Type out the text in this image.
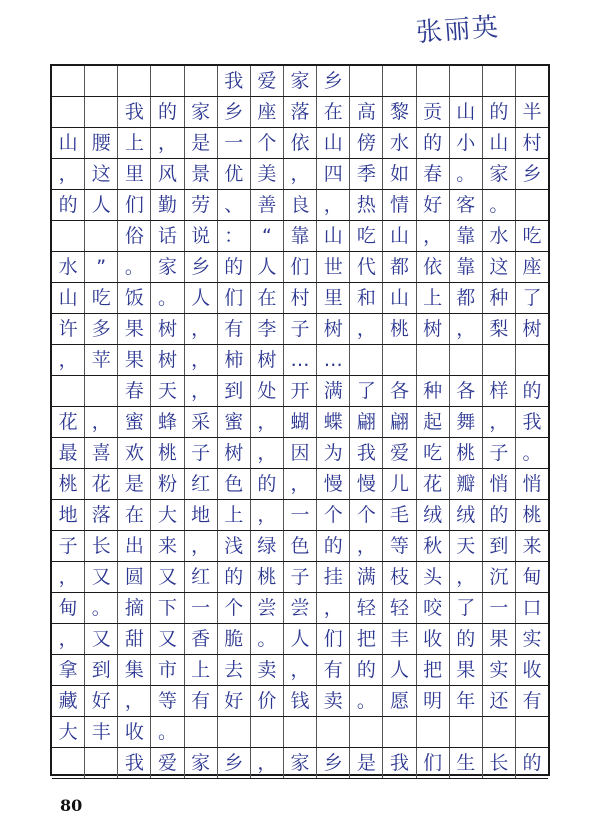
张丽英
我 爱 家 乡
我 的 家 乡 座 落 在 高 黎 贡 山 的 半
山 腰 上 ， 是 一 个 依 山 傍 水 的 小 山 村
， 这 里 风 景 优 美 ， 四 季 如 春 。 家 乡
的 人 们 勤 劳 、 善 良 ， 热 情 好 客 。
俗 话 说 ： “ 靠 山 吃 山 ， 靠 水 吃
水 ” 。 家 乡 的 人 们 世 代 都 依 靠 这 座
山 吃 饭 。 人 们 在 村 里 和 山 上 都 种 了
许 多 果 树 ， 有 李 子 树 ， 桃 树 ， 梨 树
， 苹 果 树 ， 柿 树 … …
春 天 ， 到 处 开 满 了 各 种 各 样 的
花 ， 蜜 蜂 采 蜜 ， 蝴 蝶 翩 翩 起 舞 ， 我
最 喜 欢 桃 子 树 ， 因 为 我 爱 吃 桃 子 。
桃 花 是 粉 红 色 的 ， 慢 慢 儿 花 瓣 悄 悄
地 落 在 大 地 上 ， 一 个 个 毛 绒 绒 的 桃
子 长 出 来 ， 浅 绿 色 的 ， 等 秋 天 到 来
， 又 圆 又 红 的 桃 子 挂 满 枝 头 ， 沉 甸
甸 。 摘 下 一 个 尝 尝 ， 轻 轻 咬 了 一 口
， 又 甜 又 香 脆 。 人 们 把 丰 收 的 果 实
拿 到 集 市 上 去 卖 ， 有 的 人 把 果 实 收
藏 好 ， 等 有 好 价 钱 卖 。 愿 明 年 还 有
大 丰 收 。
我 爱 家 乡 ， 家 乡 是 我 们 生 长 的
80
